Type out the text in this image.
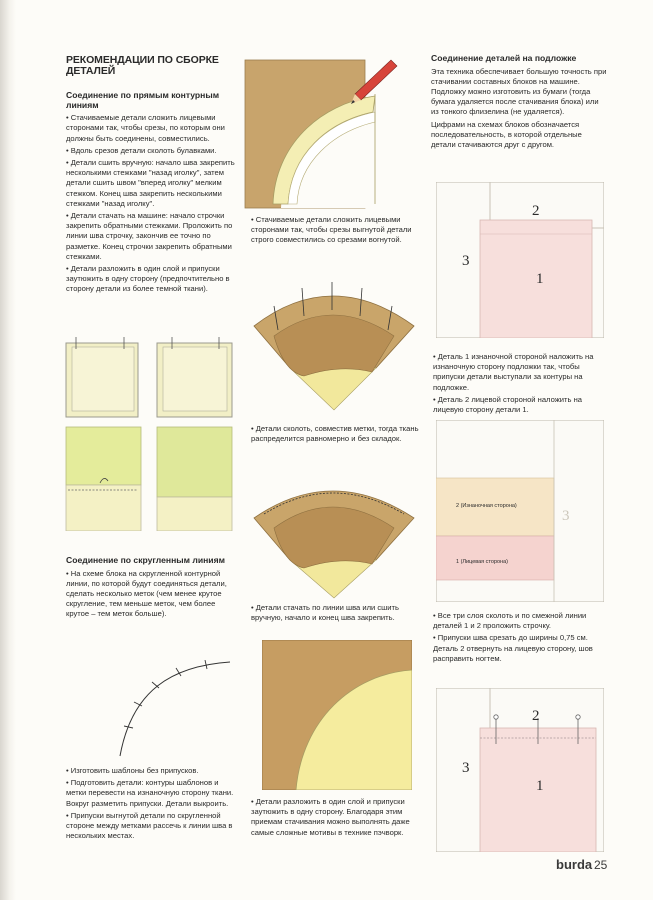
РЕКОМЕНДАЦИИ ПО СБОРКЕ ДЕТАЛЕЙ
Соединение по прямым контурным линиям

• Стачиваемые детали сложить лицевыми сторонами так, чтобы срезы, по которым они должны быть соединены, совместились.

• Вдоль срезов детали сколоть булавками.

• Детали сшить вручную: начало шва закрепить несколькими стежками "назад иголку", затем детали сшить швом "вперед иголку" мелким стежком. Конец шва закрепить несколькими стежками "назад иголку".

• Детали стачать на машине: начало строчки закрепить обратными стежками. Проложить по линии шва строчку, закончив ее точно по разметке. Конец строчки закрепить обратными стежками.

• Детали разложить в один слой и припуски заутюжить в одну сторону (предпочтительно в сторону детали из более темной ткани).

Соединение по скругленным линиям

• На схеме блока на скругленной контурной линии, по которой будут соединяться детали, сделать несколько меток (чем менее крутое скругление, тем меньше меток, чем более крутое – тем меток больше).

• Изготовить шаблоны без припусков.

• Подготовить детали: контуры шаблонов и метки перевести на изнаночную сторону ткани. Вокруг разметить припуски. Детали выкроить.

• Припуски выгнутой детали по скругленной стороне между метками рассечь к линии шва в нескольких местах.

• Стачиваемые детали сложить лицевыми сторонами так, чтобы срезы выгнутой детали строго совместились со срезами вогнутой.

• Детали сколоть, совместив метки, тогда ткань распределится равномерно и без складок.

• Детали стачать по линии шва или сшить вручную, начало и конец шва закрепить.

• Детали разложить в один слой и припуски заутюжить в одну сторону. Благодаря этим приемам стачивания можно выполнять даже самые сложные мотивы в технике пэчворк.

Соединение деталей на подложке

Эта техника обеспечивает большую точность при стачивании составных блоков на машине. Подложку можно изготовить из бумаги (тогда бумага удаляется после стачивания блока) или из тонкого флизелина (не удаляется).

Цифрами на схемах блоков обозначается последовательность, в которой отдельные детали стачиваются друг с другом.

2
3
1

• Деталь 1 изнаночной стороной наложить на изнаночную сторону подложки так, чтобы припуски детали выступали за контуры на подложке.

• Деталь 2 лицевой стороной наложить на лицевую сторону детали 1.

2 (Изнаночная сторона)
1 (Лицевая сторона)
3

• Все три слоя сколоть и по смежной линии деталей 1 и 2 проложить строчку.

• Припуски шва срезать до ширины 0,75 см. Деталь 2 отвернуть на лицевую сторону, шов расправить ногтем.

2
3
1
burda 25
